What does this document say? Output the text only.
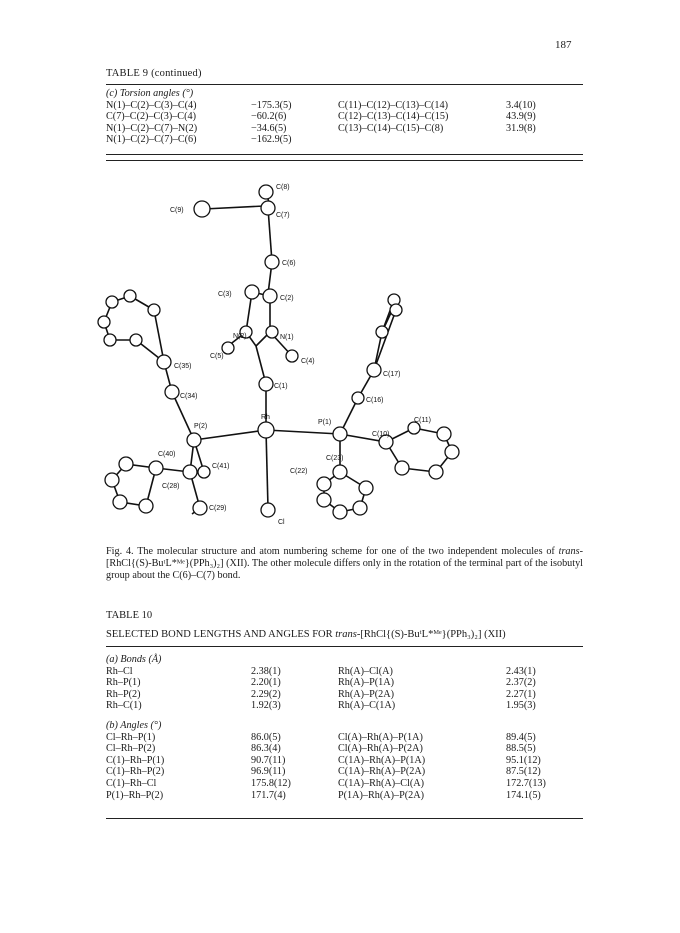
187
TABLE 9 (continued)
(c) Torsion angles (°)
N(1)–C(2)–C(3)–C(4)	−175.3(5)	C(11)–C(12)–C(13)–C(14)	3.4(10)
C(7)–C(2)–C(3)–C(4)	−60.2(6)	C(12)–C(13)–C(14)–C(15)	43.9(9)
N(1)–C(2)–C(7)–N(2)	−34.6(5)	C(13)–C(14)–C(15)–C(8)	31.9(8)
N(1)–C(2)–C(7)–C(6)	−162.9(5)
C(8)
C(9)
C(7)
C(6)
C(3)
C(2)
N(2)	N(1)
C(5)
C(4)
C(1)
C(35)
C(34)
C(17)
C(16)
P(2)
Rh
P(1)	C(11)
C(10)
C(40)
C(41)
C(23)
C(22)
C(28)
C(29)
Cl
Fig. 4. The molecular structure and atom numbering scheme for one of the two independent molecules of trans-[RhCl{(S)-BuᵗL*ᴹᵉ}(PPh₃)₂] (XII). The other molecule differs only in the rotation of the terminal part of the isobutyl group about the C(6)–C(7) bond.
TABLE 10
SELECTED BOND LENGTHS AND ANGLES FOR trans-[RhCl{(S)-BuᵗL*ᴹᵉ}(PPh₃)₂] (XII)
(a) Bonds (Å)
Rh–Cl	2.38(1)	Rh(A)–Cl(A)	2.43(1)
Rh–P(1)	2.20(1)	Rh(A)–P(1A)	2.37(2)
Rh–P(2)	2.29(2)	Rh(A)–P(2A)	2.27(1)
Rh–C(1)	1.92(3)	Rh(A)–C(1A)	1.95(3)
(b) Angles (°)
Cl–Rh–P(1)	86.0(5)	Cl(A)–Rh(A)–P(1A)	89.4(5)
Cl–Rh–P(2)	86.3(4)	Cl(A)–Rh(A)–P(2A)	88.5(5)
C(1)–Rh–P(1)	90.7(11)	C(1A)–Rh(A)–P(1A)	95.1(12)
C(1)–Rh–P(2)	96.9(11)	C(1A)–Rh(A)–P(2A)	87.5(12)
C(1)–Rh–Cl	175.8(12)	C(1A)–Rh(A)–Cl(A)	172.7(13)
P(1)–Rh–P(2)	171.7(4)	P(1A)–Rh(A)–P(2A)	174.1(5)
